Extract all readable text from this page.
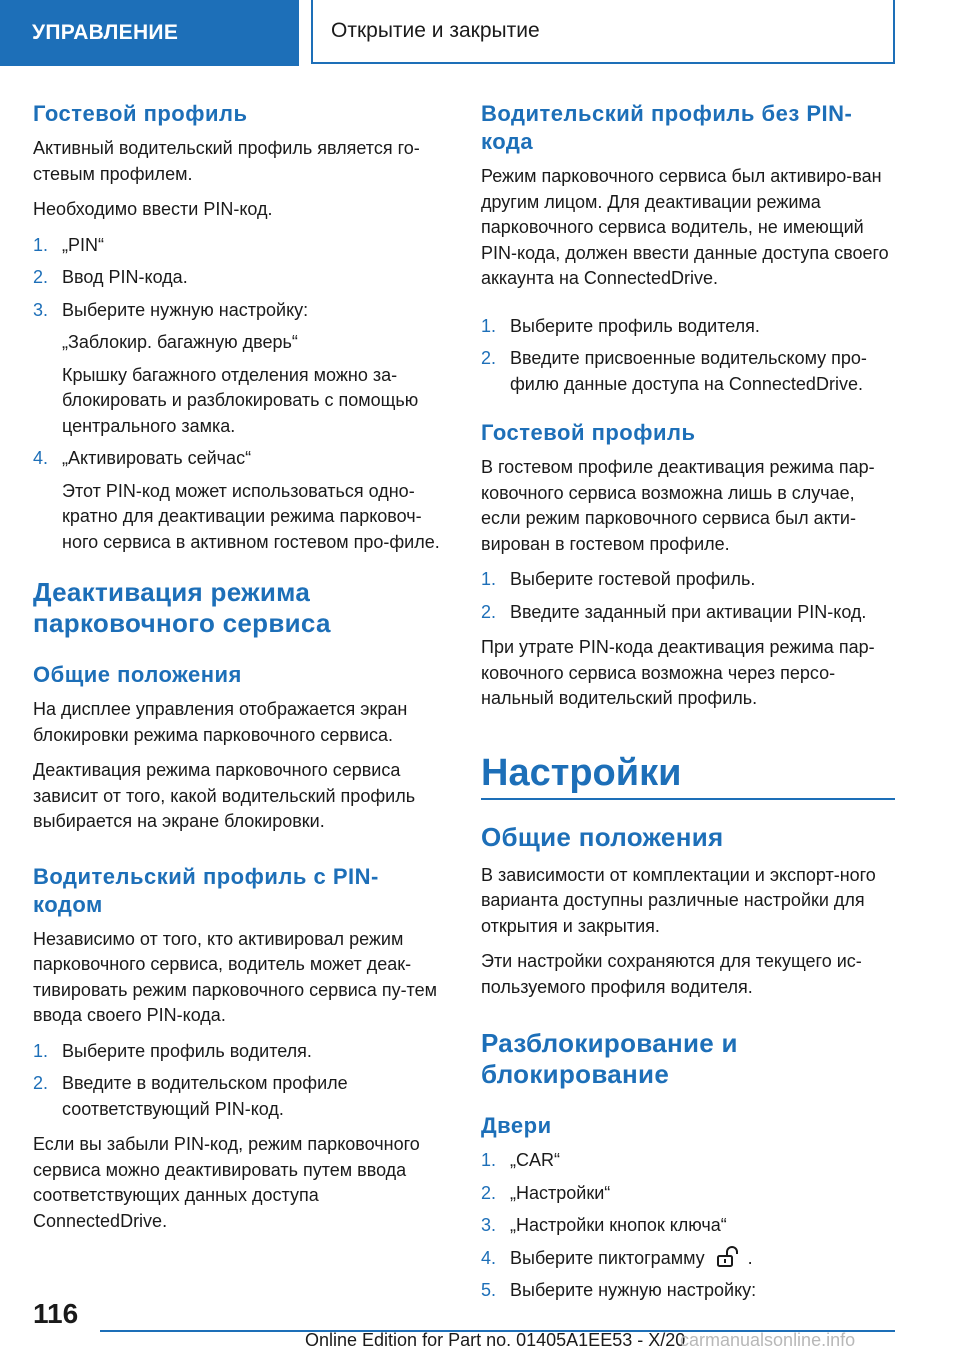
УПРАВЛЕНИЕ	Открытие и закрытие
Гостевой профиль

Активный водительский профиль является го-стевым профилем.

Необходимо ввести PIN-код.

1. „PIN“
2. Ввод PIN-кода.
3. Выберите нужную настройку:
„Заблокир. багажную дверь“
Крышку багажного отделения можно за-блокировать и разблокировать с помощью центрального замка.
4. „Активировать сейчас“
Этот PIN-код может использоваться одно-кратно для деактивации режима парковоч-ного сервиса в активном гостевом про-филе.
Деактивация режима парковочного сервиса
Общие положения

На дисплее управления отображается экран блокировки режима парковочного сервиса.

Деактивация режима парковочного сервиса зависит от того, какой водительский профиль выбирается на экране блокировки.

Водительский профиль с PIN-кодом

Независимо от того, кто активировал режим парковочного сервиса, водитель может деак-тивировать режим парковочного сервиса пу-тем ввода своего PIN-кода.

1. Выберите профиль водителя.
2. Введите в водительском профиле соответствующий PIN-код.

Если вы забыли PIN-код, режим парковочного сервиса можно деактивировать путем ввода соответствующих данных доступа ConnectedDrive.

Водительский профиль без PIN-кода

Режим парковочного сервиса был активиро-ван другим лицом. Для деактивации режима парковочного сервиса водитель, не имеющий PIN-кода, должен ввести данные доступа своего аккаунта на ConnectedDrive.

1. Выберите профиль водителя.
2. Введите присвоенные водительскому про-филю данные доступа на ConnectedDrive.
Гостевой профиль

В гостевом профиле деактивация режима пар-ковочного сервиса возможна лишь в случае, если режим парковочного сервиса был акти-вирован в гостевом профиле.

1. Выберите гостевой профиль.
2. Введите заданный при активации PIN-код.

При утрате PIN-кода деактивация режима пар-ковочного сервиса возможна через персо-нальный водительский профиль.

Настройки
Общие положения

В зависимости от комплектации и экспорт-ного варианта доступны различные настройки для открытия и закрытия.

Эти настройки сохраняются для текущего ис-пользуемого профиля водителя.

Разблокирование и блокирование
Двери
1. „CAR“
2. „Настройки“
3. „Настройки кнопок ключа“
4. Выберите пиктограмму .
5. Выберите нужную настройку:
116
Online Edition for Part no. 01405A1EE53 - X/20
carmanualsonline.info
